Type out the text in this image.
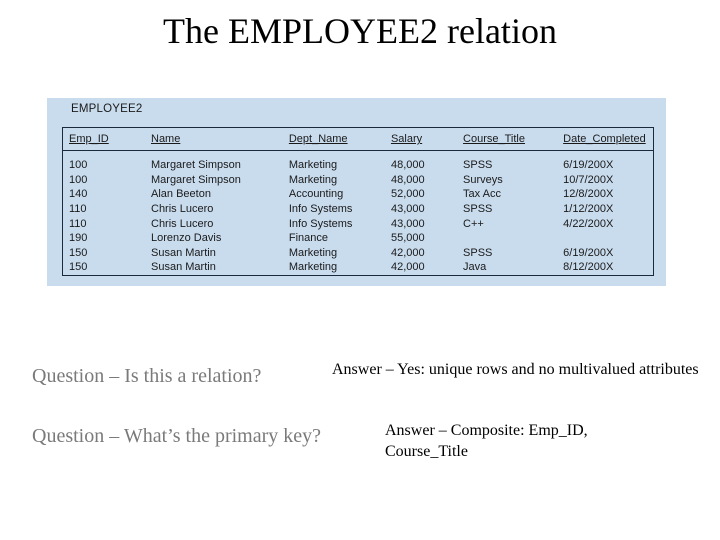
The EMPLOYEE2 relation
EMPLOYEE2
Emp_ID	Name	Dept_Name	Salary	Course_Title	Date_Completed
100	Margaret Simpson	Marketing	48,000	SPSS	6/19/200X
100	Margaret Simpson	Marketing	48,000	Surveys	10/7/200X
140	Alan Beeton	Accounting	52,000	Tax Acc	12/8/200X
110	Chris Lucero	Info Systems	43,000	SPSS	1/12/200X
110	Chris Lucero	Info Systems	43,000	C++	4/22/200X
190	Lorenzo Davis	Finance	55,000		
150	Susan Martin	Marketing	42,000	SPSS	6/19/200X
150	Susan Martin	Marketing	42,000	Java	8/12/200X
Question – Is this a relation?	Answer – Yes: unique rows and no multivalued attributes
Question – What’s the primary key?	Answer – Composite: Emp_ID, Course_Title
